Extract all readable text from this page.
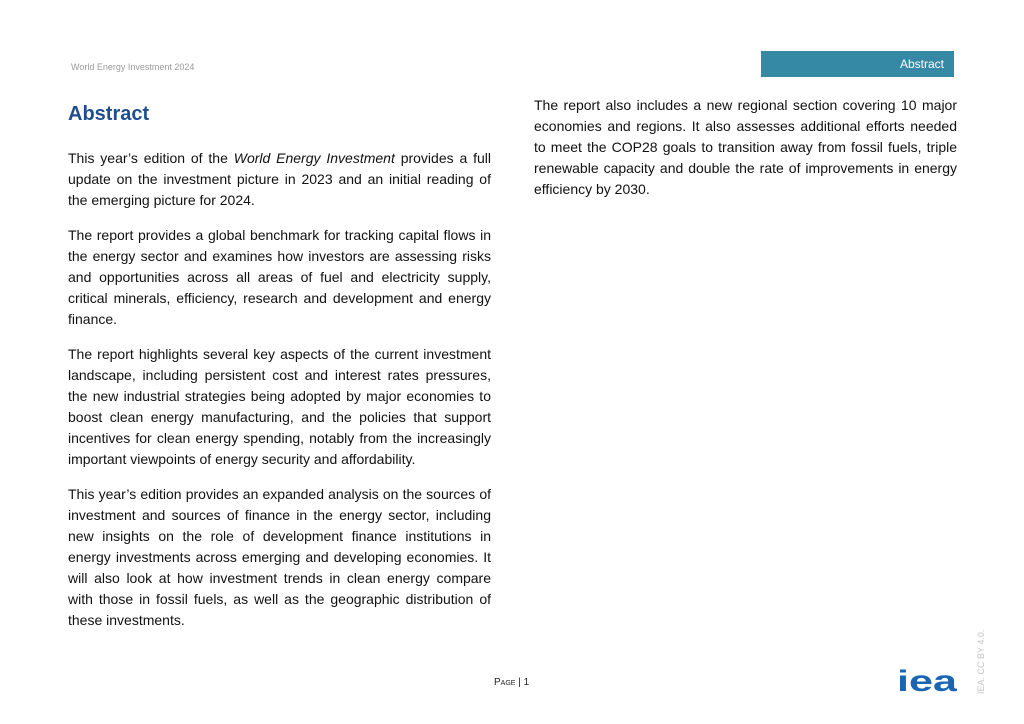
World Energy Investment 2024	Abstract
Abstract

This year’s edition of the World Energy Investment provides a full update on the investment picture in 2023 and an initial reading of the emerging picture for 2024.

The report provides a global benchmark for tracking capital flows in the energy sector and examines how investors are assessing risks and opportunities across all areas of fuel and electricity supply, critical minerals, efficiency, research and development and energy finance.

The report highlights several key aspects of the current investment landscape, including persistent cost and interest rates pressures, the new industrial strategies being adopted by major economies to boost clean energy manufacturing, and the policies that support incentives for clean energy spending, notably from the increasingly important viewpoints of energy security and affordability.

This year’s edition provides an expanded analysis on the sources of investment and sources of finance in the energy sector, including new insights on the role of development finance institutions in energy investments across emerging and developing economies. It will also look at how investment trends in clean energy compare with those in fossil fuels, as well as the geographic distribution of these investments.

The report also includes a new regional section covering 10 major economies and regions. It also assesses additional efforts needed to meet the COP28 goals to transition away from fossil fuels, triple renewable capacity and double the rate of improvements in energy efficiency by 2030.

Page | 1	iea IEA. CC BY 4.0.
